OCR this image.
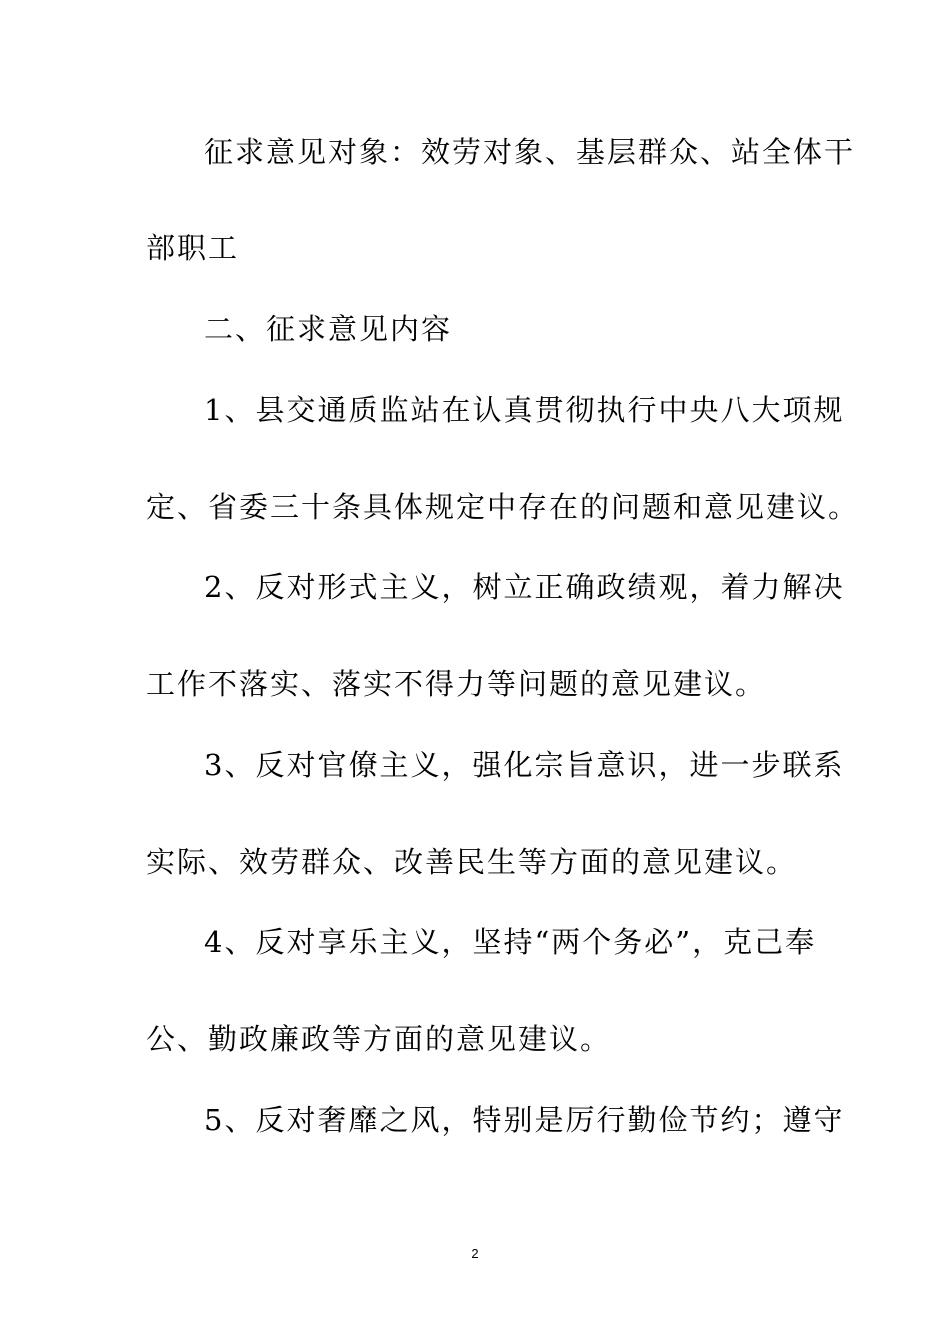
征求意见对象：效劳对象、基层群众、站全体干
部职工
二、征求意见内容
1、县交通质监站在认真贯彻执行中央八大项规
定、省委三十条具体规定中存在的问题和意见建议。
2、反对形式主义，树立正确政绩观，着力解决
工作不落实、落实不得力等问题的意见建议。
3、反对官僚主义，强化宗旨意识，进一步联系
实际、效劳群众、改善民生等方面的意见建议。
4、反对享乐主义，坚持“两个务必”，克己奉
公、勤政廉政等方面的意见建议。
5、反对奢靡之风，特别是厉行勤俭节约；遵守
2
